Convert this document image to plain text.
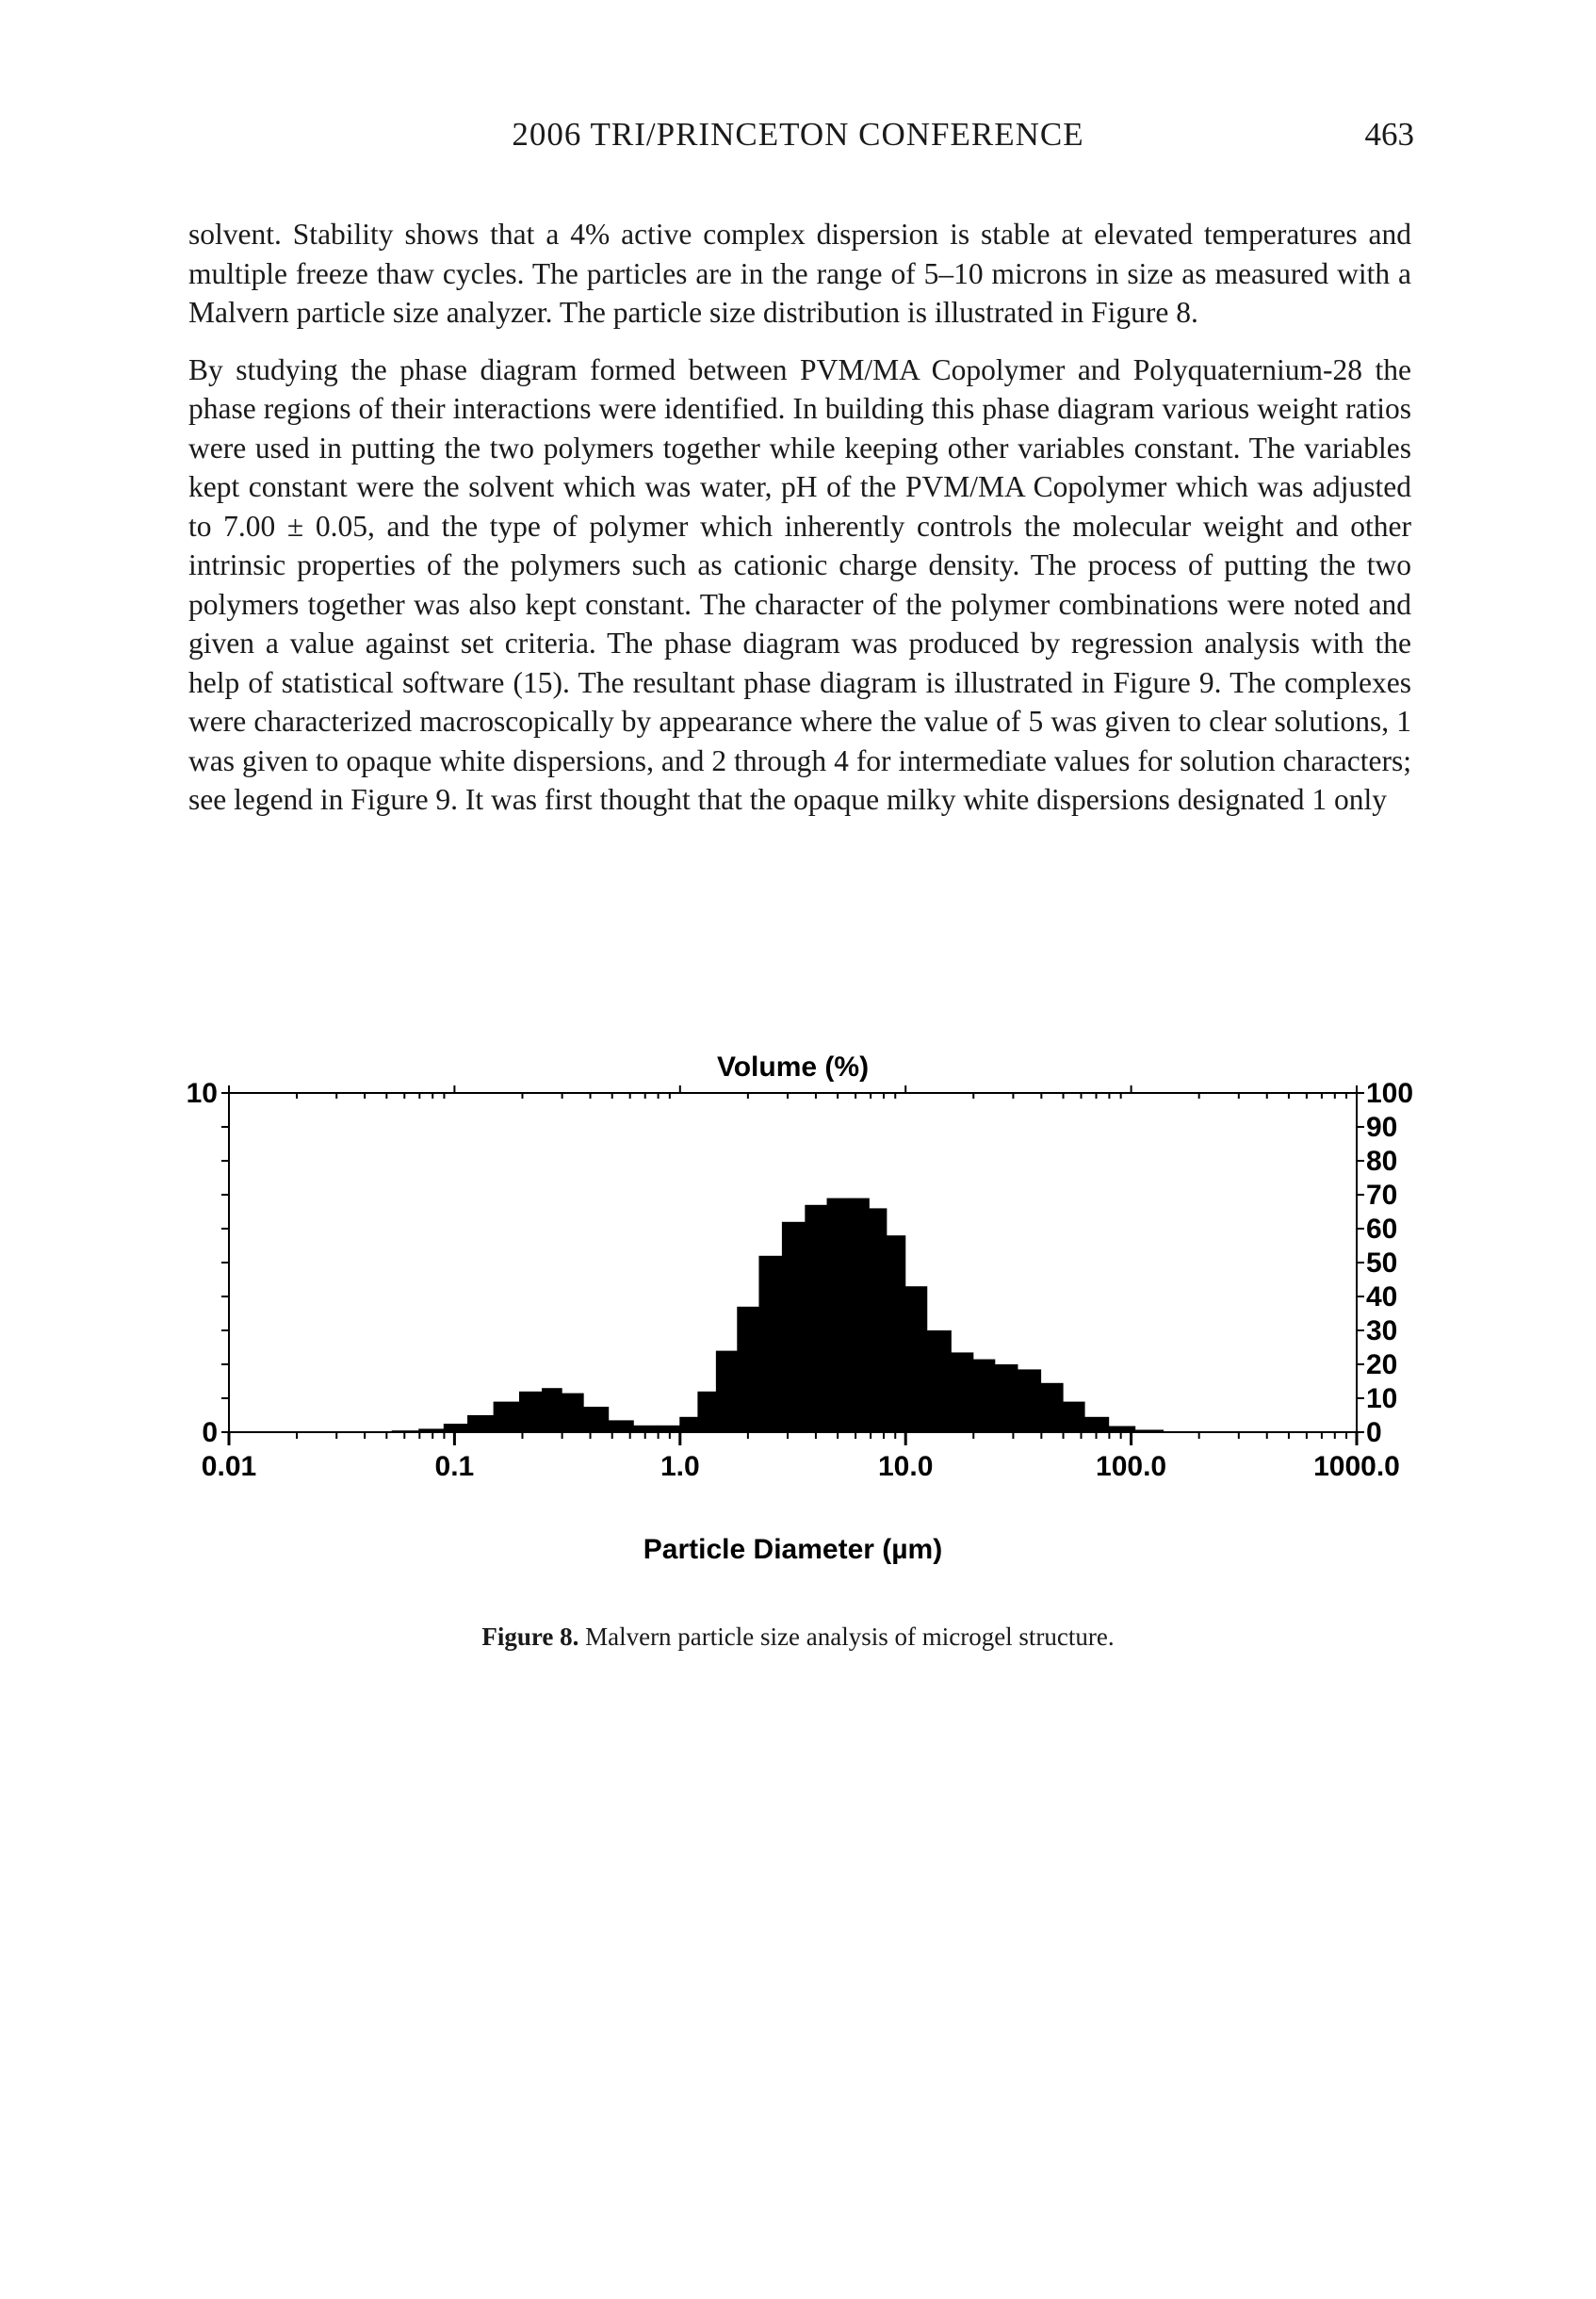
2006 TRI/PRINCETON CONFERENCE	463

solvent. Stability shows that a 4% active complex dispersion is stable at elevated temperatures and multiple freeze thaw cycles. The particles are in the range of 5–10 microns in size as measured with a Malvern particle size analyzer. The particle size distribution is illustrated in Figure 8.

By studying the phase diagram formed between PVM/MA Copolymer and Polyquaternium-28 the phase regions of their interactions were identified. In building this phase diagram various weight ratios were used in putting the two polymers together while keeping other variables constant. The variables kept constant were the solvent which was water, pH of the PVM/MA Copolymer which was adjusted to 7.00 ± 0.05, and the type of polymer which inherently controls the molecular weight and other intrinsic properties of the polymers such as cationic charge density. The process of putting the two polymers together was also kept constant. The character of the polymer combinations were noted and given a value against set criteria. The phase diagram was produced by regression analysis with the help of statistical software (15). The resultant phase diagram is illustrated in Figure 9. The complexes were characterized macroscopically by appearance where the value of 5 was given to clear solutions, 1 was given to opaque white dispersions, and 2 through 4 for intermediate values for solution characters; see legend in Figure 9. It was first thought that the opaque milky white dispersions designated 1 only

Volume (%)
Particle Diameter (µm)
0.01	0.1	1.0	10.0	100.0	1000.0
0
10
0
10
20
30
40
50
60
70
80
90
100
Figure 8. Malvern particle size analysis of microgel structure.
